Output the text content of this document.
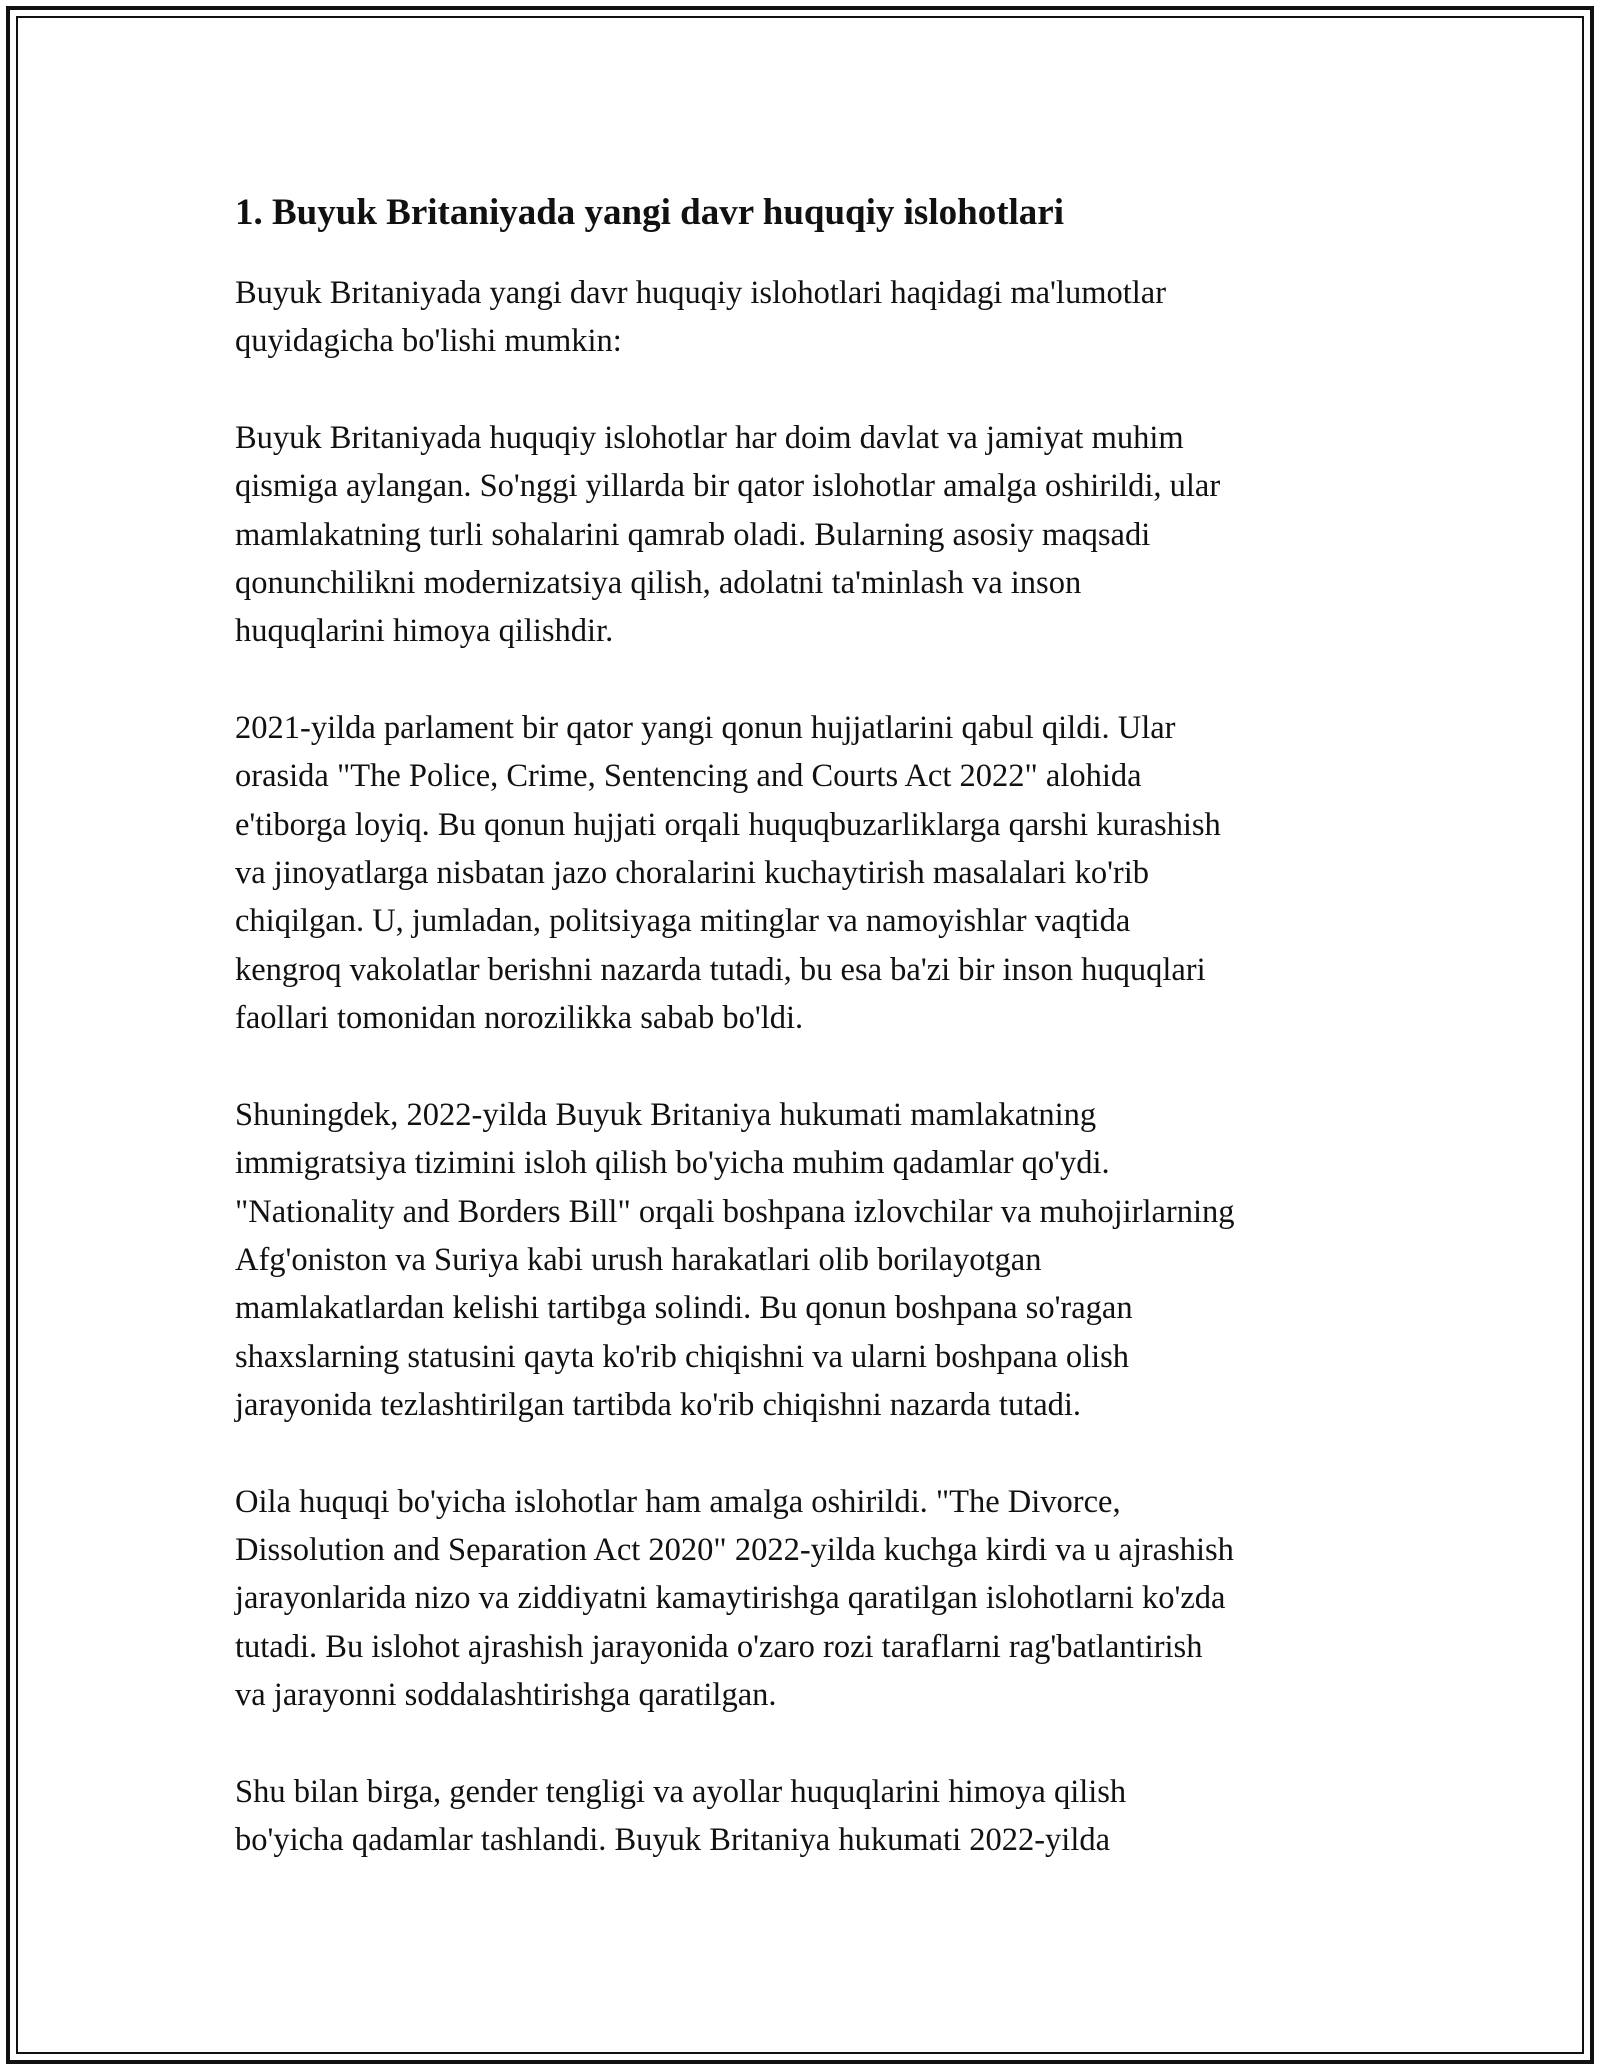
1. Buyuk Britaniyada yangi davr huquqiy islohotlari

Buyuk Britaniyada yangi davr huquqiy islohotlari haqidagi ma'lumotlar
quyidagicha bo'lishi mumkin:

Buyuk Britaniyada huquqiy islohotlar har doim davlat va jamiyat muhim
qismiga aylangan. So'nggi yillarda bir qator islohotlar amalga oshirildi, ular
mamlakatning turli sohalarini qamrab oladi. Bularning asosiy maqsadi
qonunchilikni modernizatsiya qilish, adolatni ta'minlash va inson
huquqlarini himoya qilishdir.

2021-yilda parlament bir qator yangi qonun hujjatlarini qabul qildi. Ular
orasida "The Police, Crime, Sentencing and Courts Act 2022" alohida
e'tiborga loyiq. Bu qonun hujjati orqali huquqbuzarliklarga qarshi kurashish
va jinoyatlarga nisbatan jazo choralarini kuchaytirish masalalari ko'rib
chiqilgan. U, jumladan, politsiyaga mitinglar va namoyishlar vaqtida
kengroq vakolatlar berishni nazarda tutadi, bu esa ba'zi bir inson huquqlari
faollari tomonidan norozilikka sabab bo'ldi.

Shuningdek, 2022-yilda Buyuk Britaniya hukumati mamlakatning
immigratsiya tizimini isloh qilish bo'yicha muhim qadamlar qo'ydi.
"Nationality and Borders Bill" orqali boshpana izlovchilar va muhojirlarning
Afg'oniston va Suriya kabi urush harakatlari olib borilayotgan
mamlakatlardan kelishi tartibga solindi. Bu qonun boshpana so'ragan
shaxslarning statusini qayta ko'rib chiqishni va ularni boshpana olish
jarayonida tezlashtirilgan tartibda ko'rib chiqishni nazarda tutadi.

Oila huquqi bo'yicha islohotlar ham amalga oshirildi. "The Divorce,
Dissolution and Separation Act 2020" 2022-yilda kuchga kirdi va u ajrashish
jarayonlarida nizo va ziddiyatni kamaytirishga qaratilgan islohotlarni ko'zda
tutadi. Bu islohot ajrashish jarayonida o'zaro rozi taraflarni rag'batlantirish
va jarayonni soddalashtirishga qaratilgan.

Shu bilan birga, gender tengligi va ayollar huquqlarini himoya qilish
bo'yicha qadamlar tashlandi. Buyuk Britaniya hukumati 2022-yilda
